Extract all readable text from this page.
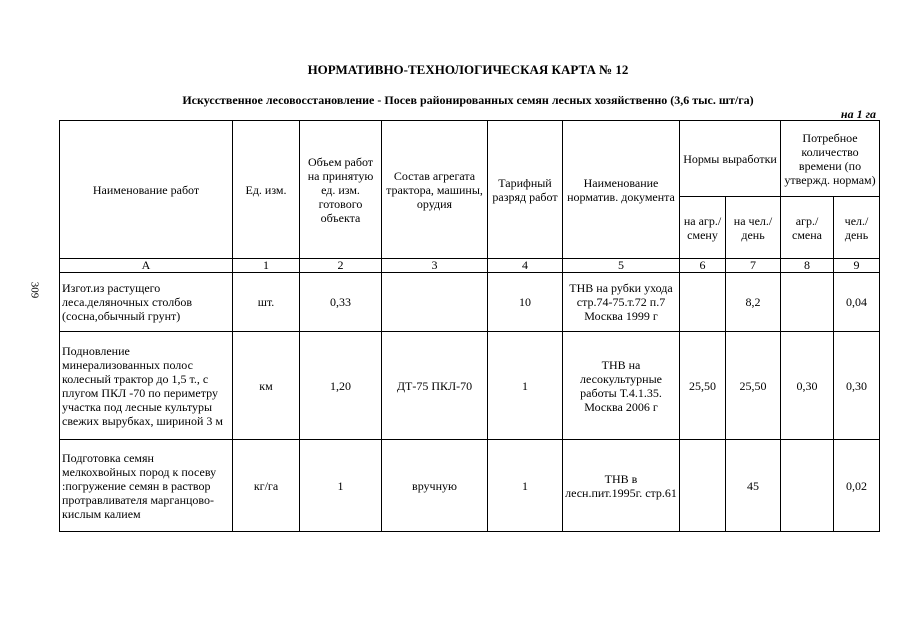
НОРМАТИВНО-ТЕХНОЛОГИЧЕСКАЯ КАРТА № 12
Искусственное лесовосстановление - Посев районированных семян лесных хозяйственно (3,6 тыс. шт/га)
на 1 га
309
Наименование работ	Ед. изм.	Объем работ на принятую ед. изм. готового объекта	Состав агрегата трактора, машины, орудия	Тарифный разряд работ	Наименование норматив. документа	Нормы выработки		Потребное количество времени (по утвержд. нормам)	
						на агр./ смену	на чел./ день	агр./ смена	чел./ день
А	1	2	3	4	5	6	7	8	9
Изгот.из растущего леса.деляночных столбов (сосна,обычный грунт)	шт.	0,33		10	ТНВ на рубки ухода стр.74-75.т.72 п.7 Москва 1999 г		8,2		0,04
Подновление минерализованных полос колесный трактор до 1,5 т., с плугом ПКЛ -70 по периметру участка под лесные культуры свежих вырубках, шириной 3 м	км	1,20	ДТ-75 ПКЛ-70	1	ТНВ на лесокультурные работы Т.4.1.35. Москва 2006 г	25,50	25,50	0,30	0,30
Подготовка семян мелкохвойных пород к посеву :погружение семян в раствор протравливателя марганцово-кислым калием	кг/га	1	вручную	1	ТНВ в лесн.пит.1995г. стр.61		45		0,02
